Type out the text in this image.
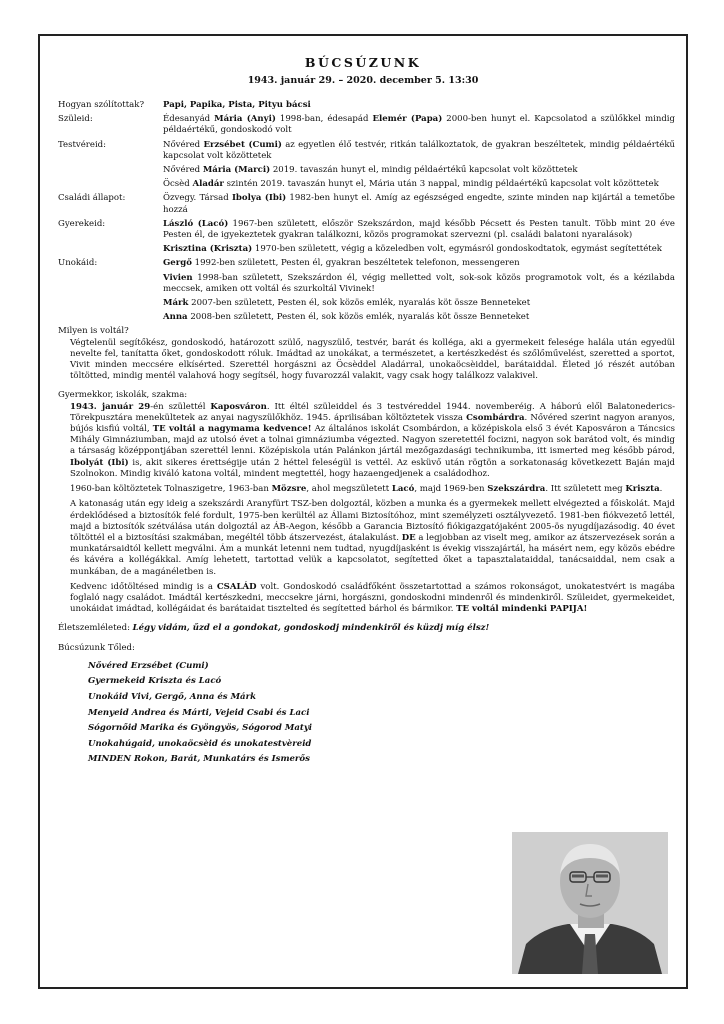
BÚCSÚZUNK
1943. január 29. – 2020. december 5. 13:30
Hogyan szólítottak?	Papi, Papika, Pista, Pityu bácsi
Szüleid:	Édesanyád Mária (Anyi) 1998-ban, édesapád Elemér (Papa) 2000-ben hunyt el. Kapcsolatod a szülőkkel mindig példaértékű, gondoskodó volt
Testvéreid:	Nővéred Erzsébet (Cumi) az egyetlen élő testvér, ritkán találkoztatok, de gyakran beszéltetek, mindig példaértékű kapcsolat volt közöttetek

Nővéred Mária (Marci) 2019. tavaszán hunyt el, mindig példaértékű kapcsolat volt közöttetek

Öcsèd Aladár szintén 2019. tavaszán hunyt el, Mária után 3 nappal, mindig példaértékű kapcsolat volt közöttetek

Családi állapot:	Özvegy. Társad Ibolya (Ibi) 1982-ben hunyt el. Amíg az egészséged engedte, szinte minden nap kijártál a temetőbe hozzá
Gyerekeid:	László (Lacó) 1967-ben született, először Szekszárdon, majd később Pécsett és Pesten tanult. Több mint 20 éve Pesten él, de igyekeztetek gyakran találkozni, közös programokat szervezni (pl. családi balatoni nyaralások)

Krisztina (Kriszta) 1970-ben született, végig a közeledben volt, egymásról gondoskodtatok, egymást segítettétek

Unokáid:	Gergő 1992-ben született, Pesten él, gyakran beszéltetek telefonon, messengeren

Vivien 1998-ban született, Szekszárdon él, végig melletted volt, sok-sok közös programotok volt, és a kézilabda meccsek, amiken ott voltál és szurkoltál Vivinek!

Márk 2007-ben született, Pesten él, sok közös emlék, nyaralás köt össze Benneteket

Anna 2008-ben született, Pesten él, sok közös emlék, nyaralás köt össze Benneteket

Milyen is voltál?

Végtelenül segítőkész, gondoskodó, határozott szülő, nagyszülő, testvér, barát és kolléga, aki a gyermekeit felesége halála után egyedül nevelte fel, tanítatta őket, gondoskodott róluk. Imádtad az unokákat, a természetet, a kertészkedést és szőlőművelést, szeretted a sportot, Vivit minden meccsére elkísérted. Szerettél horgászni az Öcsèddel Aladárral, unokaöcsèiddel, barátaiddal. Életed jó részét autóban töltötted, mindig mentél valahová hogy segítsél, hogy fuvarozzál valakit, vagy csak hogy találkozz valakivel.

Gyermekkor, iskolák, szakma:

1943. január 29-én születtél Kaposváron. Itt éltél szüleiddel és 3 testvéreddel 1944. novemberéig. A háború elől Balatonederics-Törekpusztára menekültetek az anyai nagyszülőkhöz. 1945. áprilisában költöztetek vissza Csombárdra. Nővéred szerint nagyon aranyos, bújós kisfiú voltál, TE voltál a nagymama kedvence! Az általános iskolát Csombárdon, a középiskola első 3 évét Kaposváron a Táncsics Mihály Gimnáziumban, majd az utolsó évet a tolnai gimnáziumba végezted. Nagyon szeretettél focizni, nagyon sok barátod volt, és mindig a társaság középpontjában szerettél lenni. Középiskola után Palánkon jártál mezőgazdasági technikumba, itt ismerted meg később párod, Ibolyát (Ibi) is, akit sikeres érettségije után 2 héttel feleségül is vettél. Az esküvő után rögtön a sorkatonaság következett Baján majd Szolnokon. Mindig kiváló katona voltál, mindent megtettél, hogy hazaengedjenek a családodhoz.

1960-ban költöztetek Tolnaszigetre, 1963-ban Mözsre, ahol megszületett Lacó, majd 1969-ben Szekszárdra. Itt született meg Kriszta.

A katonaság után egy ideig a szekszárdi Aranyfürt TSZ-ben dolgoztál, közben a munka és a gyermekek mellett elvégezted a főiskolát. Majd érdeklődésed a biztosítók felé fordult, 1975-ben kerültél az Állami Biztosítóhoz, mint személyzeti osztályvezető. 1981-ben fiókvezető lettél, majd a biztosítók szétválása után dolgoztál az ÁB-Aegon, később a Garancia Biztosító fiókigazgatójaként 2005-ös nyugdíjazásodig. 40 évet töltöttél el a biztosítási szakmában, megéltél több átszervezést, átalakulást. DE a legjobban az viselt meg, amikor az átszervezések során a munkatársaidtól kellett megválni. Ám a munkát letenni nem tudtad, nyugdíjasként is évekig visszajártál, ha másért nem, egy közös ebédre és kávéra a kollégákkal. Amíg lehetett, tartottad velük a kapcsolatot, segítetted őket a tapasztalataiddal, tanácsaiddal, nem csak a munkában, de a magánéletben is.

Kedvenc időtöltésed mindig is a CSALÁD volt. Gondoskodó családfőként összetartottad a számos rokonságot, unokatestvért is magába foglaló nagy családot. Imádtál kertészkedni, meccsekre járni, horgászni, gondoskodni mindenről és mindenkiről. Szüleidet, gyermekeidet, unokáidat imádtad, kollégáidat és barátaidat tisztelted és segítetted bárhol és bármikor. TE voltál mindenki PAPIJA!

Életszemléleted: Légy vidám, űzd el a gondokat, gondoskodj mindenkiről és küzdj míg élsz!
Búcsúzunk Tőled:
Nővéred Erzsébet (Cumi)
Gyermekeid Kriszta és Lacó
Unokáid Vivi, Gergő, Anna és Márk
Menyeid Andrea és Márti, Vejeid Csabi és Laci
Sógornőid Marika és Gyöngyös, Sógorod Matyi
Unokahúgaid, unokaöcsèid és unokatestvèreid
MINDEN Rokon, Barát, Munkatárs és Ismerős
